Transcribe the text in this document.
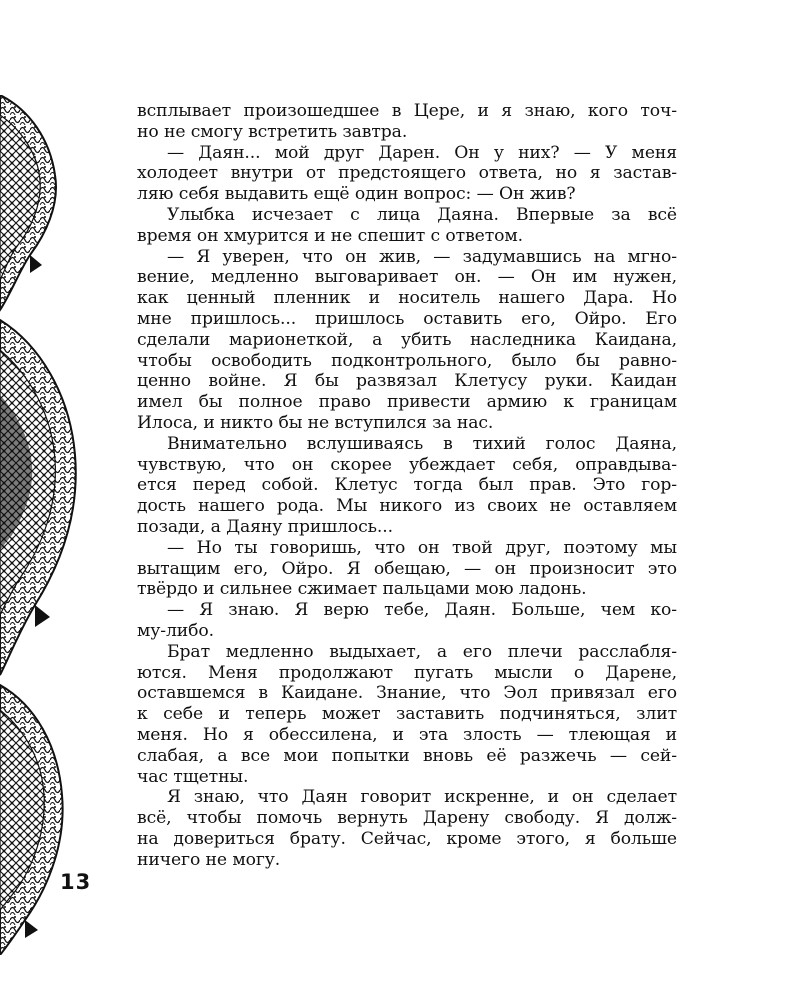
всплывает произошедшее в Цере, и я знаю, кого точ-
но не смогу встретить завтра.
— Даян... мой друг Дарен. Он у них? — У меня
холодеет внутри от предстоящего ответа, но я застав-
ляю себя выдавить ещё один вопрос: — Он жив?
Улыбка исчезает с лица Даяна. Впервые за всё
время он хмурится и не спешит с ответом.
— Я уверен, что он жив, — задумавшись на мгно-
вение, медленно выговаривает он. — Он им нужен,
как ценный пленник и носитель нашего Дара. Но
мне пришлось... пришлось оставить его, Ойро. Его
сделали марионеткой, а убить наследника Каидана,
чтобы освободить подконтрольного, было бы равно-
ценно войне. Я бы развязал Клетусу руки. Каидан
имел бы полное право привести армию к границам
Илоса, и никто бы не вступился за нас.
Внимательно вслушиваясь в тихий голос Даяна,
чувствую, что он скорее убеждает себя, оправдыва-
ется перед собой. Клетус тогда был прав. Это гор-
дость нашего рода. Мы никого из своих не оставляем
позади, а Даяну пришлось...
— Но ты говоришь, что он твой друг, поэтому мы
вытащим его, Ойро. Я обещаю, — он произносит это
твёрдо и сильнее сжимает пальцами мою ладонь.
— Я знаю. Я верю тебе, Даян. Больше, чем ко-
му-либо.
Брат медленно выдыхает, а его плечи расслабля-
ются. Меня продолжают пугать мысли о Дарене,
оставшемся в Каидане. Знание, что Эол привязал его
к себе и теперь может заставить подчиняться, злит
меня. Но я обессилена, и эта злость — тлеющая и
слабая, а все мои попытки вновь её разжечь — сей-
час тщетны.
Я знаю, что Даян говорит искренне, и он сделает
всё, чтобы помочь вернуть Дарену свободу. Я долж-
на довериться брату. Сейчас, кроме этого, я больше
ничего не могу.
13
